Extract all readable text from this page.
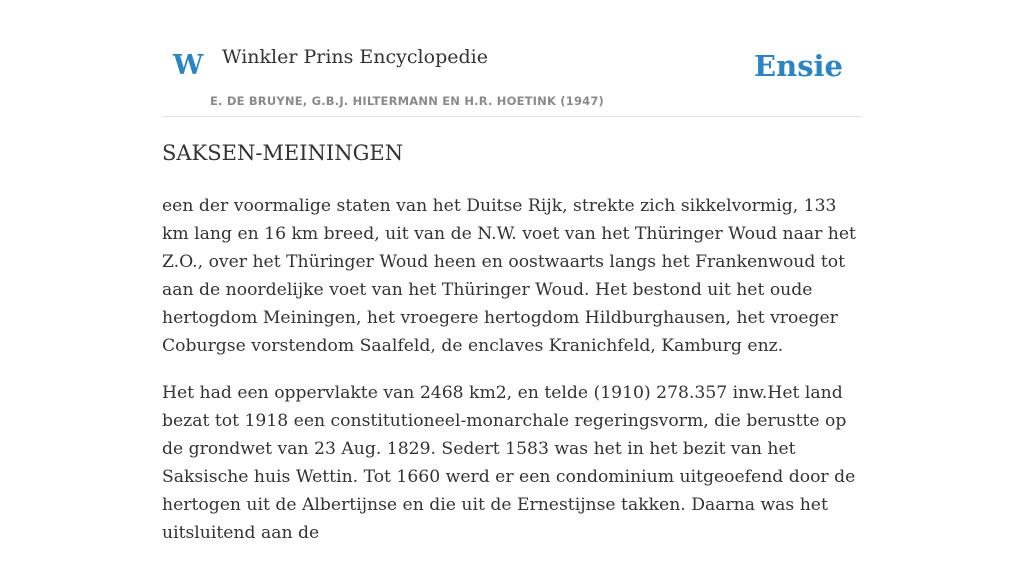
W Winkler Prins Encyclopedie
E. DE BRUYNE, G.B.J. HILTERMANN EN H.R. HOETINK (1947)
Ensie
SAKSEN-MEININGEN

een der voormalige staten van het Duitse Rijk, strekte zich sikkelvormig, 133 km lang en 16 km breed, uit van de N.W. voet van het Thüringer Woud naar het Z.O., over het Thüringer Woud heen en oostwaarts langs het Frankenwoud tot aan de noordelijke voet van het Thüringer Woud. Het bestond uit het oude hertogdom Meiningen, het vroegere hertogdom Hildburghausen, het vroeger Coburgse vorstendom Saalfeld, de enclaves Kranichfeld, Kamburg enz.

Het had een oppervlakte van 2468 km2, en telde (1910) 278.357 inw.Het land bezat tot 1918 een constitutioneel-monarchale regeringsvorm, die berustte op de grondwet van 23 Aug. 1829. Sedert 1583 was het in het bezit van het Saksische huis Wettin. Tot 1660 werd er een condominium uitgeoefend door de hertogen uit de Albertijnse en die uit de Ernestijnse takken. Daarna was het uitsluitend aan de
